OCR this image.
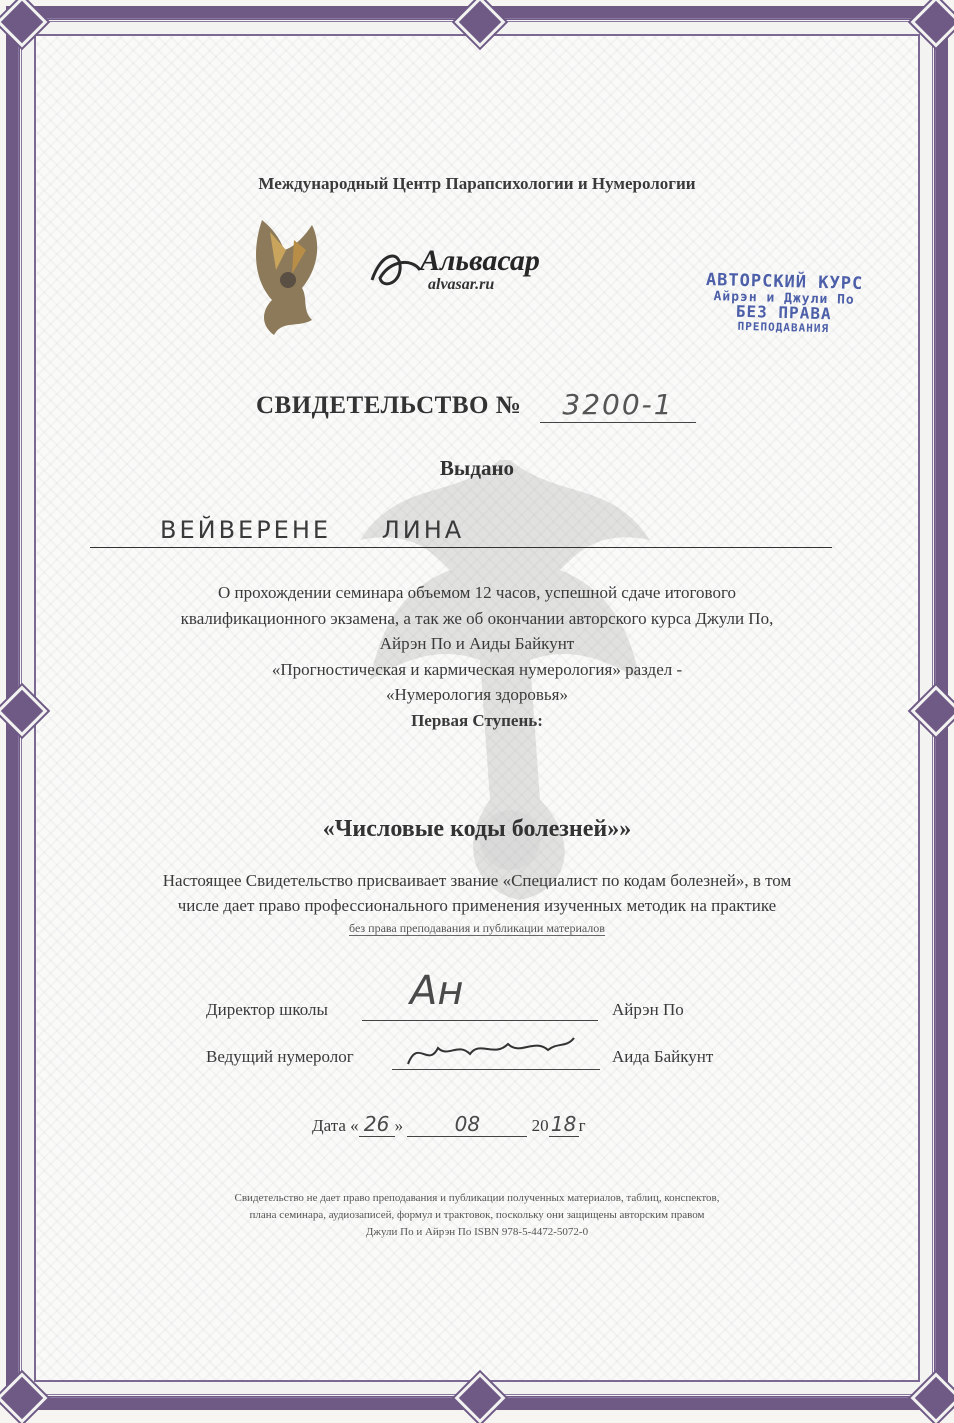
Международный Центр Парапсихологии и Нумерологии
Альвасар
alvasar.ru	АВТОРСКИЙ КУРС
Айрэн и Джули По
БЕЗ ПРАВА
ПРЕПОДАВАНИЯ
СВИДЕТЕЛЬСТВО №	3200-1
Выдано
ВЕЙВЕРЕНЕ ЛИНА
О прохождении семинара объемом 12 часов, успешной сдаче итогового
квалификационного экзамена, а так же об окончании авторского курса Джули По,
Айрэн По и Аиды Байкунт
«Прогностическая и кармическая нумерология» раздел -
«Нумерология здоровья»
Первая Ступень:
«Числовые коды болезней»»
Настоящее Свидетельство присваивает звание «Специалист по кодам болезней», в том
числе дает право профессионального применения изученных методик на практике
без права преподавания и публикации материалов
Директор школы Ан	Айрэн По
Ведущий нумеролог	Аида Байкунт
Дата « 26 »	08	20 18 г
Свидетельство не дает право преподавания и публикации полученных материалов, таблиц, конспектов,
плана семинара, аудиозаписей, формул и трактовок, поскольку они защищены авторским правом
Джули По и Айрэн По ISBN 978-5-4472-5072-0
